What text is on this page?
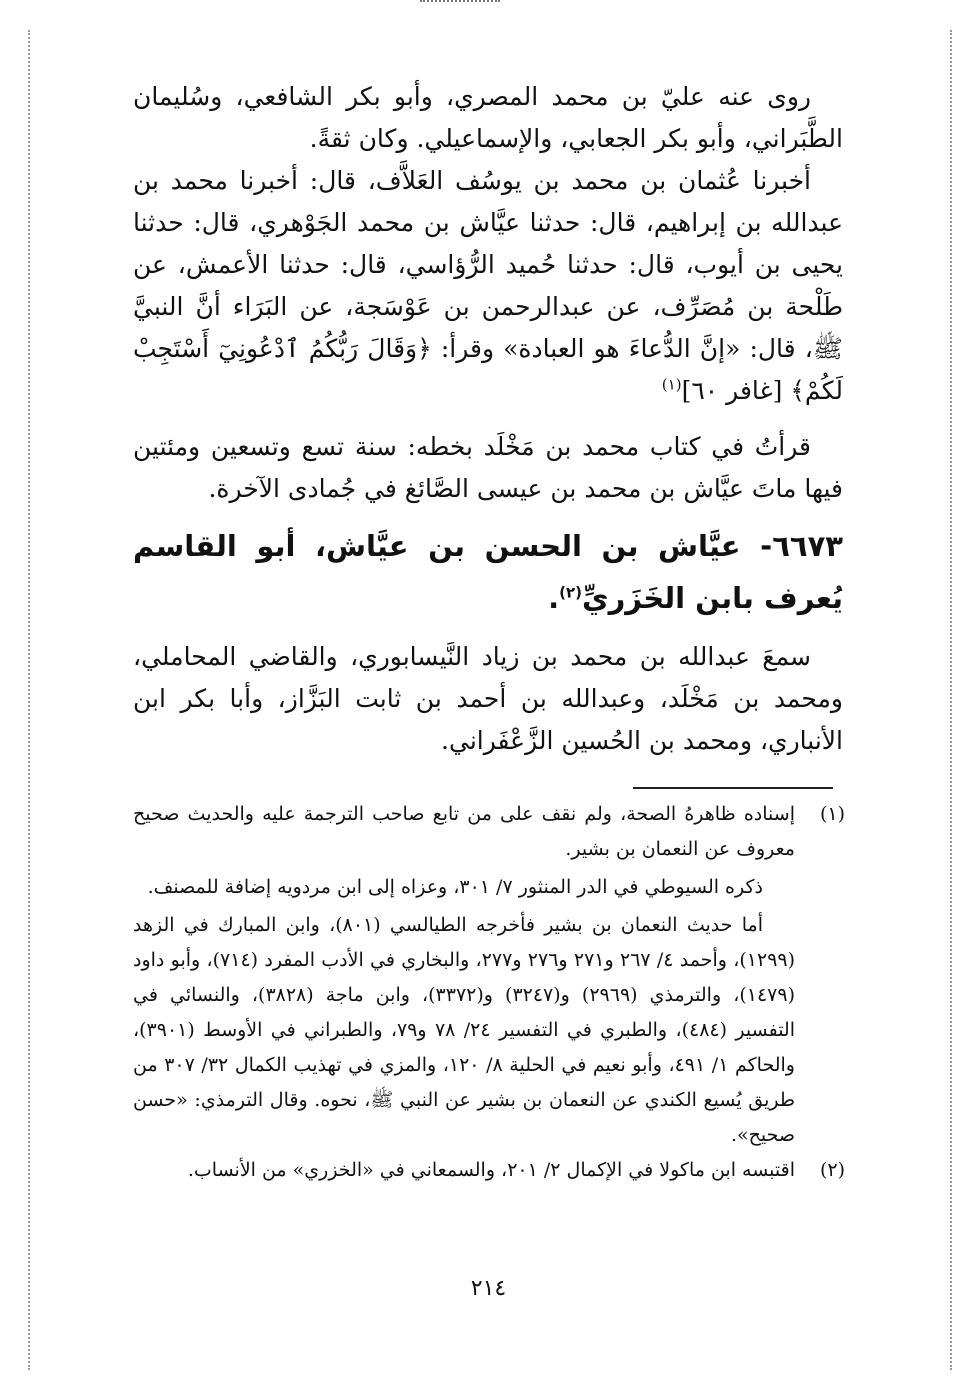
روى عنه عليّ بن محمد المصري، وأبو بكر الشافعي، وسُليمان الطَّبَراني، وأبو بكر الجعابي، والإسماعيلي. وكان ثقةً.

أخبرنا عُثمان بن محمد بن يوسُف العَلاَّف، قال: أخبرنا محمد بن عبدالله بن إبراهيم، قال: حدثنا عيَّاش بن محمد الجَوْهري، قال: حدثنا يحيى بن أيوب، قال: حدثنا حُميد الرُّؤاسي، قال: حدثنا الأعمش، عن طَلْحة بن مُصَرِّف، عن عبدالرحمن بن عَوْسَجة، عن البَرَاء أنَّ النبيَّ ﷺ، قال: «إنَّ الدُّعاءَ هو العبادة» وقرأ: ﴿وَقَالَ رَبُّكُمُ ٱدْعُونِيٓ أَسْتَجِبْ لَكُمْ﴾ [غافر ٦٠]$^{(١)}$

قرأتُ في كتاب محمد بن مَخْلَد بخطه: سنة تسع وتسعين ومئتين فيها ماتَ عيَّاش بن محمد بن عيسى الصَّائغ في جُمادى الآخرة.

٦٦٧٣- عيَّاش بن الحسن بن عيَّاش، أبو القاسم يُعرف بابن الخَزَريِّ$^{(٢)}$.

سمعَ عبدالله بن محمد بن زياد النَّيسابوري، والقاضي المحاملي، ومحمد بن مَخْلَد، وعبدالله بن أحمد بن ثابت البَزَّاز، وأبا بكر ابن الأنباري، ومحمد بن الحُسين الزَّعْفَراني.

(١)

إسناده ظاهرهُ الصحة، ولم نقف على من تابع صاحب الترجمة عليه والحديث صحيح معروف عن النعمان بن بشير.

ذكره السيوطي في الدر المنثور ٧/ ٣٠١، وعزاه إلى ابن مردويه إضافة للمصنف.

أما حديث النعمان بن بشير فأخرجه الطيالسي (٨٠١)، وابن المبارك في الزهد (١٢٩٩)، وأحمد ٤/ ٢٦٧ و٢٧١ و٢٧٦ و٢٧٧، والبخاري في الأدب المفرد (٧١٤)، وأبو داود (١٤٧٩)، والترمذي (٢٩٦٩) و(٣٢٤٧) و(٣٣٧٢)، وابن ماجة (٣٨٢٨)، والنسائي في التفسير (٤٨٤)، والطبري في التفسير ٢٤/ ٧٨ و٧٩، والطبراني في الأوسط (٣٩٠١)، والحاكم ١/ ٤٩١، وأبو نعيم في الحلية ٨/ ١٢٠، والمزي في تهذيب الكمال ٣٢/ ٣٠٧ من طريق يُسيع الكندي عن النعمان بن بشير عن النبي ﷺ، نحوه. وقال الترمذي: «حسن صحيح».

(٢)

اقتبسه ابن ماكولا في الإكمال ٢/ ٢٠١، والسمعاني في «الخزري» من الأنساب.

٢١٤
